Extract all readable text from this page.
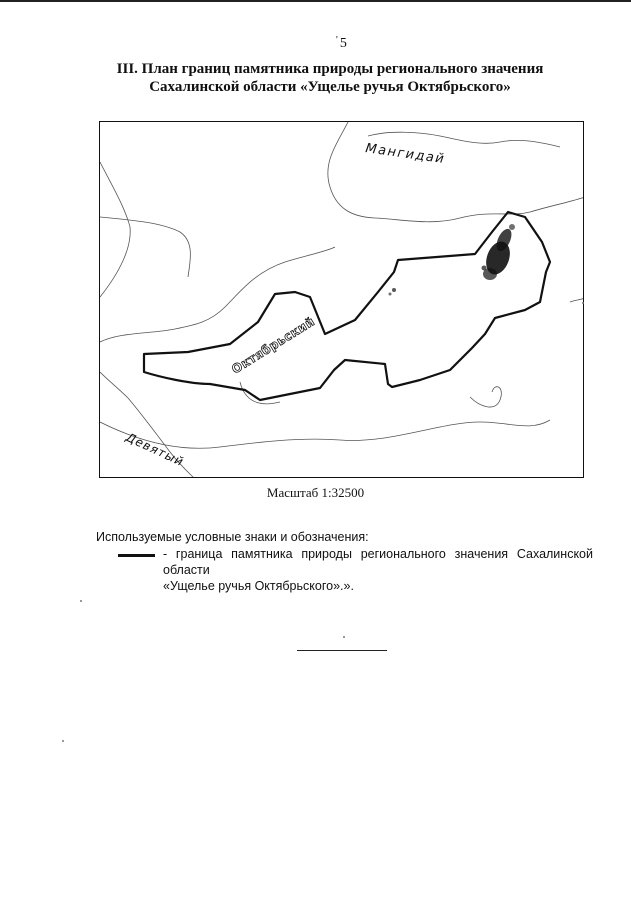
' 5
III. План границ памятника природы регионального значения
Сахалинской области «Ущелье ручья Октябрьского»
Мангидай
Октябрьский
Девятый
Масштаб 1:32500
Используемые условные знаки и обозначения:
- граница памятника природы регионального значения Сахалинской области
«Ущелье ручья Октябрьского».».
